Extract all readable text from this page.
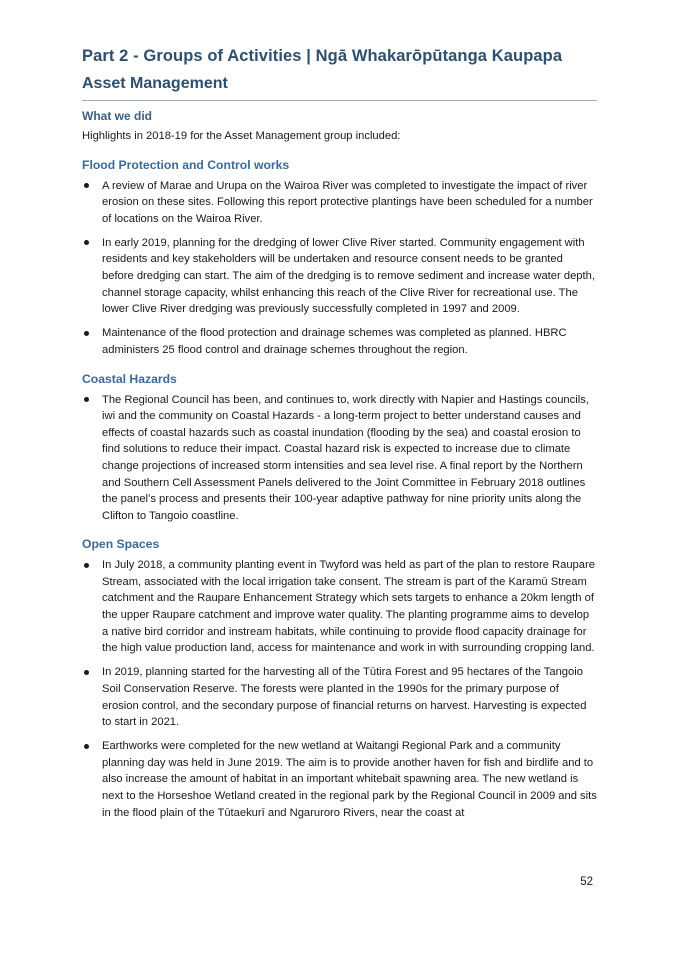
Part 2 - Groups of Activities | Ngā Whakarōpūtanga Kaupapa
Asset Management
What we did

Highlights in 2018-19 for the Asset Management group included:

Flood Protection and Control works
A review of Marae and Urupa on the Wairoa River was completed to investigate the impact of river erosion on these sites. Following this report protective plantings have been scheduled for a number of locations on the Wairoa River.
In early 2019, planning for the dredging of lower Clive River started. Community engagement with residents and key stakeholders will be undertaken and resource consent needs to be granted before dredging can start. The aim of the dredging is to remove sediment and increase water depth, channel storage capacity, whilst enhancing this reach of the Clive River for recreational use. The lower Clive River dredging was previously successfully completed in 1997 and 2009.
Maintenance of the flood protection and drainage schemes was completed as planned. HBRC administers 25 flood control and drainage schemes throughout the region.
Coastal Hazards
The Regional Council has been, and continues to, work directly with Napier and Hastings councils, iwi and the community on Coastal Hazards - a long-term project to better understand causes and effects of coastal hazards such as coastal inundation (flooding by the sea) and coastal erosion to find solutions to reduce their impact. Coastal hazard risk is expected to increase due to climate change projections of increased storm intensities and sea level rise. A final report by the Northern and Southern Cell Assessment Panels delivered to the Joint Committee in February 2018 outlines the panel’s process and presents their 100-year adaptive pathway for nine priority units along the Clifton to Tangoio coastline.
Open Spaces
In July 2018, a community planting event in Twyford was held as part of the plan to restore Raupare Stream, associated with the local irrigation take consent. The stream is part of the Karamū Stream catchment and the Raupare Enhancement Strategy which sets targets to enhance a 20km length of the upper Raupare catchment and improve water quality. The planting programme aims to develop a native bird corridor and instream habitats, while continuing to provide flood capacity drainage for the high value production land, access for maintenance and work in with surrounding cropping land.
In 2019, planning started for the harvesting all of the Tūtira Forest and 95 hectares of the Tangoio Soil Conservation Reserve. The forests were planted in the 1990s for the primary purpose of erosion control, and the secondary purpose of financial returns on harvest. Harvesting is expected to start in 2021.
Earthworks were completed for the new wetland at Waitangi Regional Park and a community planning day was held in June 2019. The aim is to provide another haven for fish and birdlife and to also increase the amount of habitat in an important whitebait spawning area. The new wetland is next to the Horseshoe Wetland created in the regional park by the Regional Council in 2009 and sits in the flood plain of the Tūtaekurī and Ngaruroro Rivers, near the coast at
52
